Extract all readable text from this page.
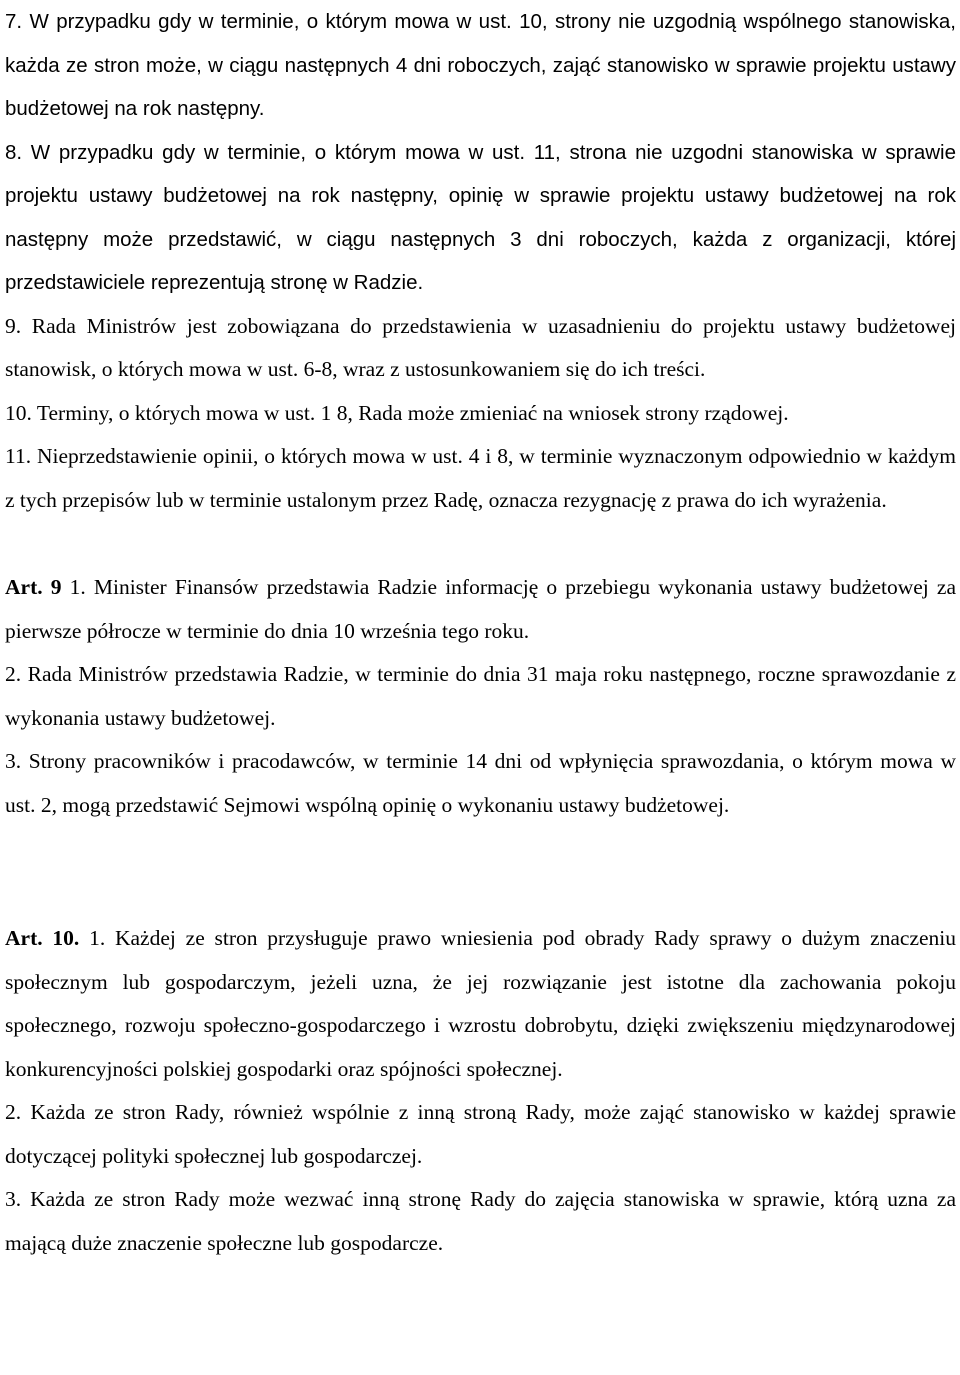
7. W przypadku gdy w terminie, o którym mowa w ust. 10, strony nie uzgodnią wspólnego stanowiska, każda ze stron może, w ciągu następnych 4 dni roboczych, zająć stanowisko w sprawie projektu ustawy budżetowej na rok następny.

8. W przypadku gdy w terminie, o którym mowa w ust. 11, strona nie uzgodni stanowiska w sprawie projektu ustawy budżetowej na rok następny, opinię w sprawie projektu ustawy budżetowej na rok następny może przedstawić, w ciągu następnych 3 dni roboczych, każda z organizacji, której przedstawiciele reprezentują stronę w Radzie.

9. Rada Ministrów jest zobowiązana do przedstawienia w uzasadnieniu do projektu ustawy budżetowej stanowisk, o których mowa w ust. 6-8, wraz z ustosunkowaniem się do ich treści.

10. Terminy, o których mowa w ust. 1 8, Rada może zmieniać na wniosek strony rządowej.

11. Nieprzedstawienie opinii, o których mowa w ust. 4 i 8, w terminie wyznaczonym odpowiednio w każdym z tych przepisów lub w terminie ustalonym przez Radę, oznacza rezygnację z prawa do ich wyrażenia.

Art. 9 1. Minister Finansów przedstawia Radzie informację o przebiegu wykonania ustawy budżetowej za pierwsze półrocze w terminie do dnia 10 września tego roku.

2. Rada Ministrów przedstawia Radzie, w terminie do dnia 31 maja roku następnego, roczne sprawozdanie z wykonania ustawy budżetowej.

3. Strony pracowników i pracodawców, w terminie 14 dni od wpłynięcia sprawozdania, o którym mowa w ust. 2, mogą przedstawić Sejmowi wspólną opinię o wykonaniu ustawy budżetowej.

Art. 10. 1. Każdej ze stron przysługuje prawo wniesienia pod obrady Rady sprawy o dużym znaczeniu społecznym lub gospodarczym, jeżeli uzna, że jej rozwiązanie jest istotne dla zachowania pokoju społecznego, rozwoju społeczno-gospodarczego i wzrostu dobrobytu, dzięki zwiększeniu międzynarodowej konkurencyjności polskiej gospodarki oraz spójności społecznej.

2. Każda ze stron Rady, również wspólnie z inną stroną Rady, może zająć stanowisko w każdej sprawie dotyczącej polityki społecznej lub gospodarczej.

3. Każda ze stron Rady może wezwać inną stronę Rady do zajęcia stanowiska w sprawie, którą uzna za mającą duże znaczenie społeczne lub gospodarcze.
